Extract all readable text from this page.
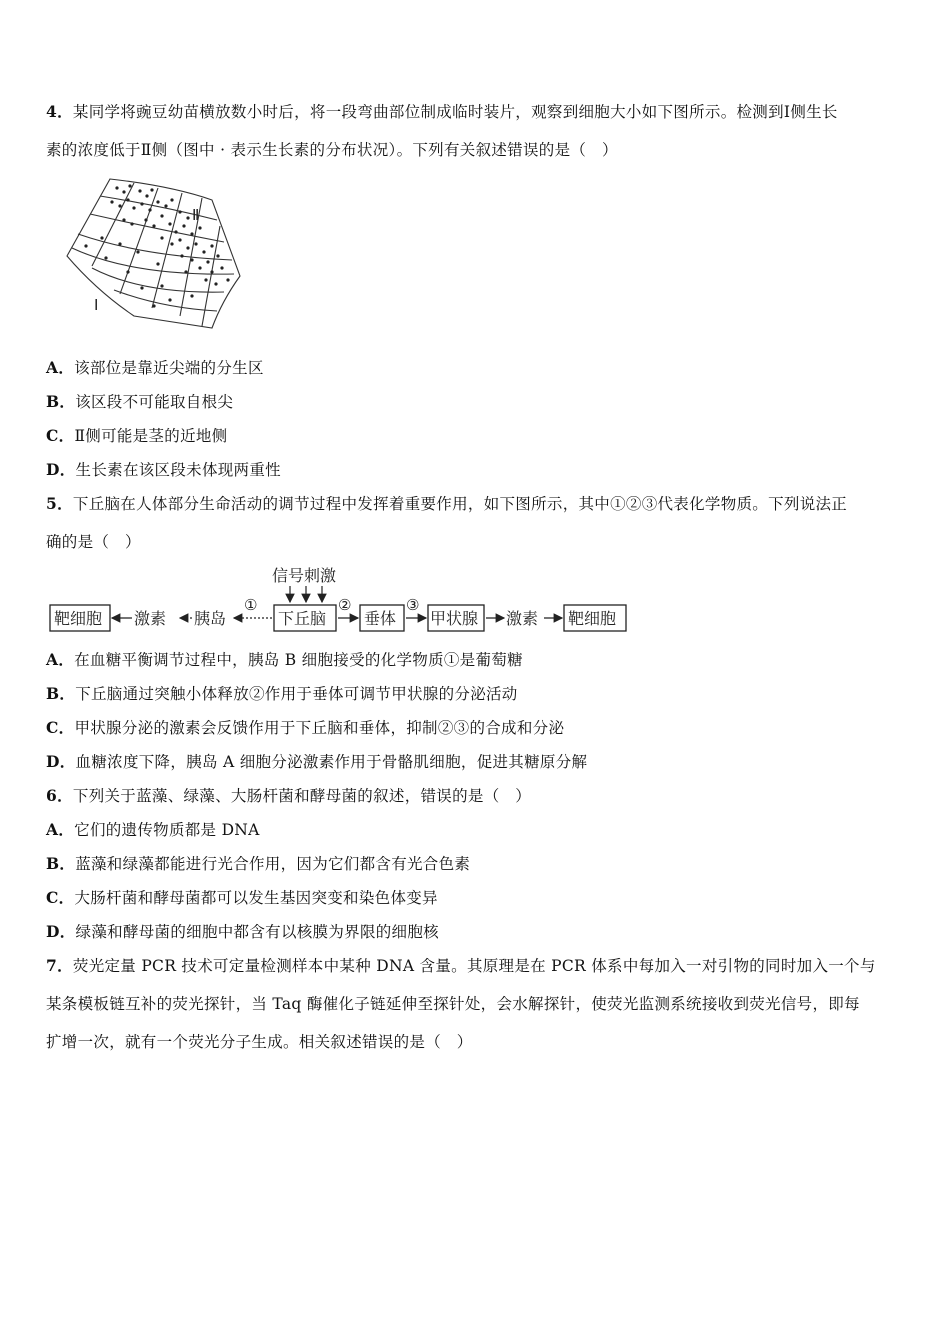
4．某同学将豌豆幼苗横放数小时后，将一段弯曲部位制成临时装片，观察到细胞大小如下图所示。检测到Ⅰ侧生长
素的浓度低于Ⅱ侧（图中 · 表示生长素的分布状况）。下列有关叙述错误的是（　）
Ⅱ
Ⅰ
A．该部位是靠近尖端的分生区
B．该区段不可能取自根尖
C．Ⅱ侧可能是茎的近地侧
D．生长素在该区段未体现两重性
5．下丘脑在人体部分生命活动的调节过程中发挥着重要作用，如下图所示，其中①②③代表化学物质。下列说法正
确的是（　）
信号刺激
靶细胞 激素 胰岛
①
下丘脑
②
垂体
③
甲状腺 激素 靶细胞
A．在血糖平衡调节过程中，胰岛 B 细胞接受的化学物质①是葡萄糖
B．下丘脑通过突触小体释放②作用于垂体可调节甲状腺的分泌活动
C．甲状腺分泌的激素会反馈作用于下丘脑和垂体，抑制②③的合成和分泌
D．血糖浓度下降，胰岛 A 细胞分泌激素作用于骨骼肌细胞，促进其糖原分解
6．下列关于蓝藻、绿藻、大肠杆菌和酵母菌的叙述，错误的是（　）
A．它们的遗传物质都是 DNA
B．蓝藻和绿藻都能进行光合作用，因为它们都含有光合色素
C．大肠杆菌和酵母菌都可以发生基因突变和染色体变异
D．绿藻和酵母菌的细胞中都含有以核膜为界限的细胞核
7．荧光定量 PCR 技术可定量检测样本中某种 DNA 含量。其原理是在 PCR 体系中每加入一对引物的同时加入一个与
某条模板链互补的荧光探针，当 Taq 酶催化子链延伸至探针处，会水解探针，使荧光监测系统接收到荧光信号，即每
扩增一次，就有一个荧光分子生成。相关叙述错误的是（　）
